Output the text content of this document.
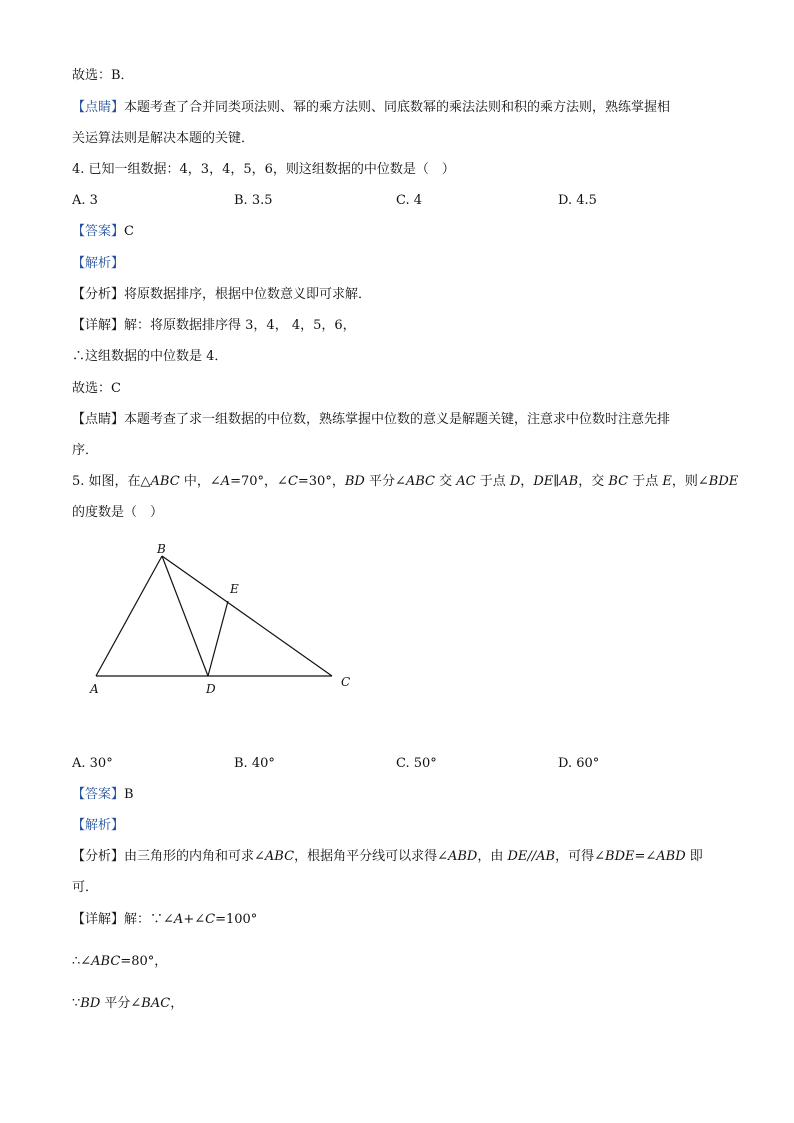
故选：B．
【点睛】本题考查了合并同类项法则、幂的乘方法则、同底数幂的乘法法则和积的乘方法则，熟练掌握相
关运算法则是解决本题的关键．
4. 已知一组数据：4，3，4，5，6，则这组数据的中位数是（　）
A. 3	B. 3.5	C. 4	D. 4.5
【答案】C
【解析】
【分析】将原数据排序，根据中位数意义即可求解．
【详解】解：将原数据排序得 3，4， 4，5，6，
∴这组数据的中位数是 4．
故选：C
【点睛】本题考查了求一组数据的中位数，熟练掌握中位数的意义是解题关键，注意求中位数时注意先排
序．
5. 如图，在△ABC 中，∠A=70°，∠C=30°，BD 平分∠ABC 交 AC 于点 D，DE∥AB，交 BC 于点 E，则∠BDE
的度数是（　）
B
E
A	D	C
A. 30°	B. 40°	C. 50°	D. 60°
【答案】B
【解析】
【分析】由三角形的内角和可求∠ABC，根据角平分线可以求得∠ABD，由 DE//AB，可得∠BDE=∠ABD 即
可．
【详解】解：∵∠A+∠C=100°
∴∠ABC=80°，
∵BD 平分∠BAC，
